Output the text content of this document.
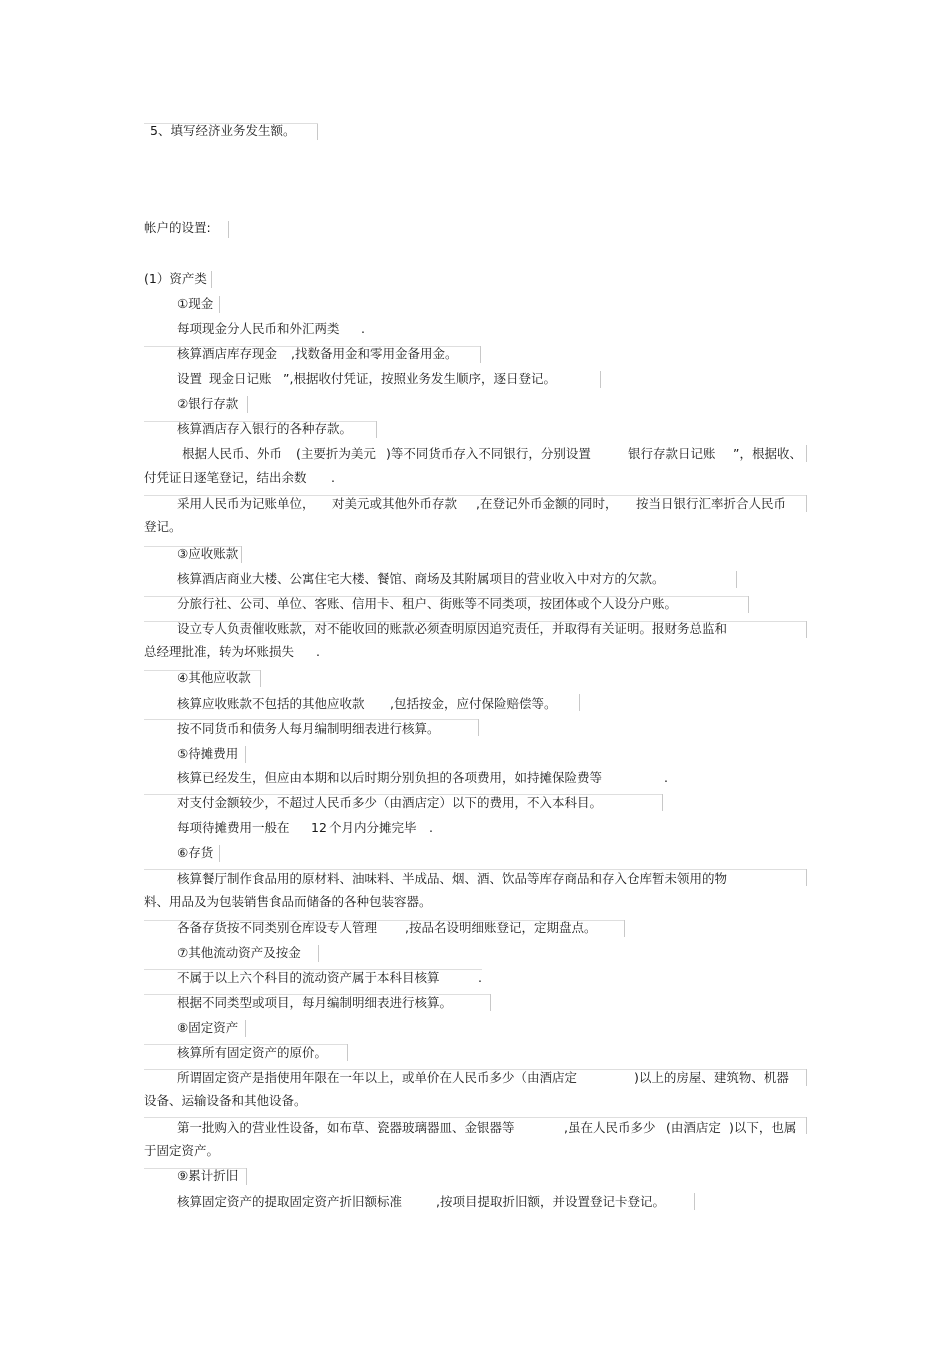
5、填写经济业务发生额。
帐户的设置:
(1）资产类
①现金
每项现金分人民币和外汇两类 .
核算酒店库存现金 ,找数备用金和零用金备用金。
设置 现金日记账 ”,根据收付凭证，按照业务发生顺序，逐日登记。
②银行存款
核算酒店存入银行的各种存款。
根据人民币、外币 (主要折为美元 )等不同货币存入不同银行，分别设置	银行存款日记账 ”，根据收、
付凭证日逐笔登记，结出余数 .
采用人民币为记账单位， 对美元或其他外币存款 ,在登记外币金额的同时， 按当日银行汇率折合人民币
登记。
③应收账款
核算酒店商业大楼、公寓住宅大楼、餐馆、商场及其附属项目的营业收入中对方的欠款。
分旅行社、公司、单位、客账、信用卡、租户、街账等不同类项，按团体或个人设分户账。
设立专人负责催收账款，对不能收回的账款必须查明原因追究责任，并取得有关证明。报财务总监和
总经理批准，转为坏账损失 .
④其他应收款
核算应收账款不包括的其他应收款 ,包括按金，应付保险赔偿等。
按不同货币和债务人每月编制明细表进行核算。
⑤待摊费用
核算已经发生，但应由本期和以后时期分别负担的各项费用，如持摊保险费等	.
对支付金额较少，不超过人民币多少（由酒店定）以下的费用，不入本科目。
每项待摊费用一般在 12 个月内分摊完毕 .
⑥存货
核算餐厅制作食品用的原材料、油味料、半成品、烟、酒、饮品等库存商品和存入仓库暂未领用的物
料、用品及为包装销售食品而储备的各种包装容器。
各备存货按不同类别仓库设专人管理 ,按品名设明细账登记，定期盘点。
⑦其他流动资产及按金
不属于以上六个科目的流动资产属于本科目核算	.
根据不同类型或项目，每月编制明细表进行核算。
⑧固定资产
核算所有固定资产的原价。
所谓固定资产是指使用年限在一年以上，或单价在人民币多少（由酒店定	)以上的房屋、建筑物、机器
设备、运输设备和其他设备。
第一批购入的营业性设备，如布草、瓷器玻璃器皿、金银器等	,虽在人民币多少 (由酒店定 )以下，也属
于固定资产。
⑨累计折旧
核算固定资产的提取固定资产折旧额标准	,按项目提取折旧额，并设置登记卡登记。
